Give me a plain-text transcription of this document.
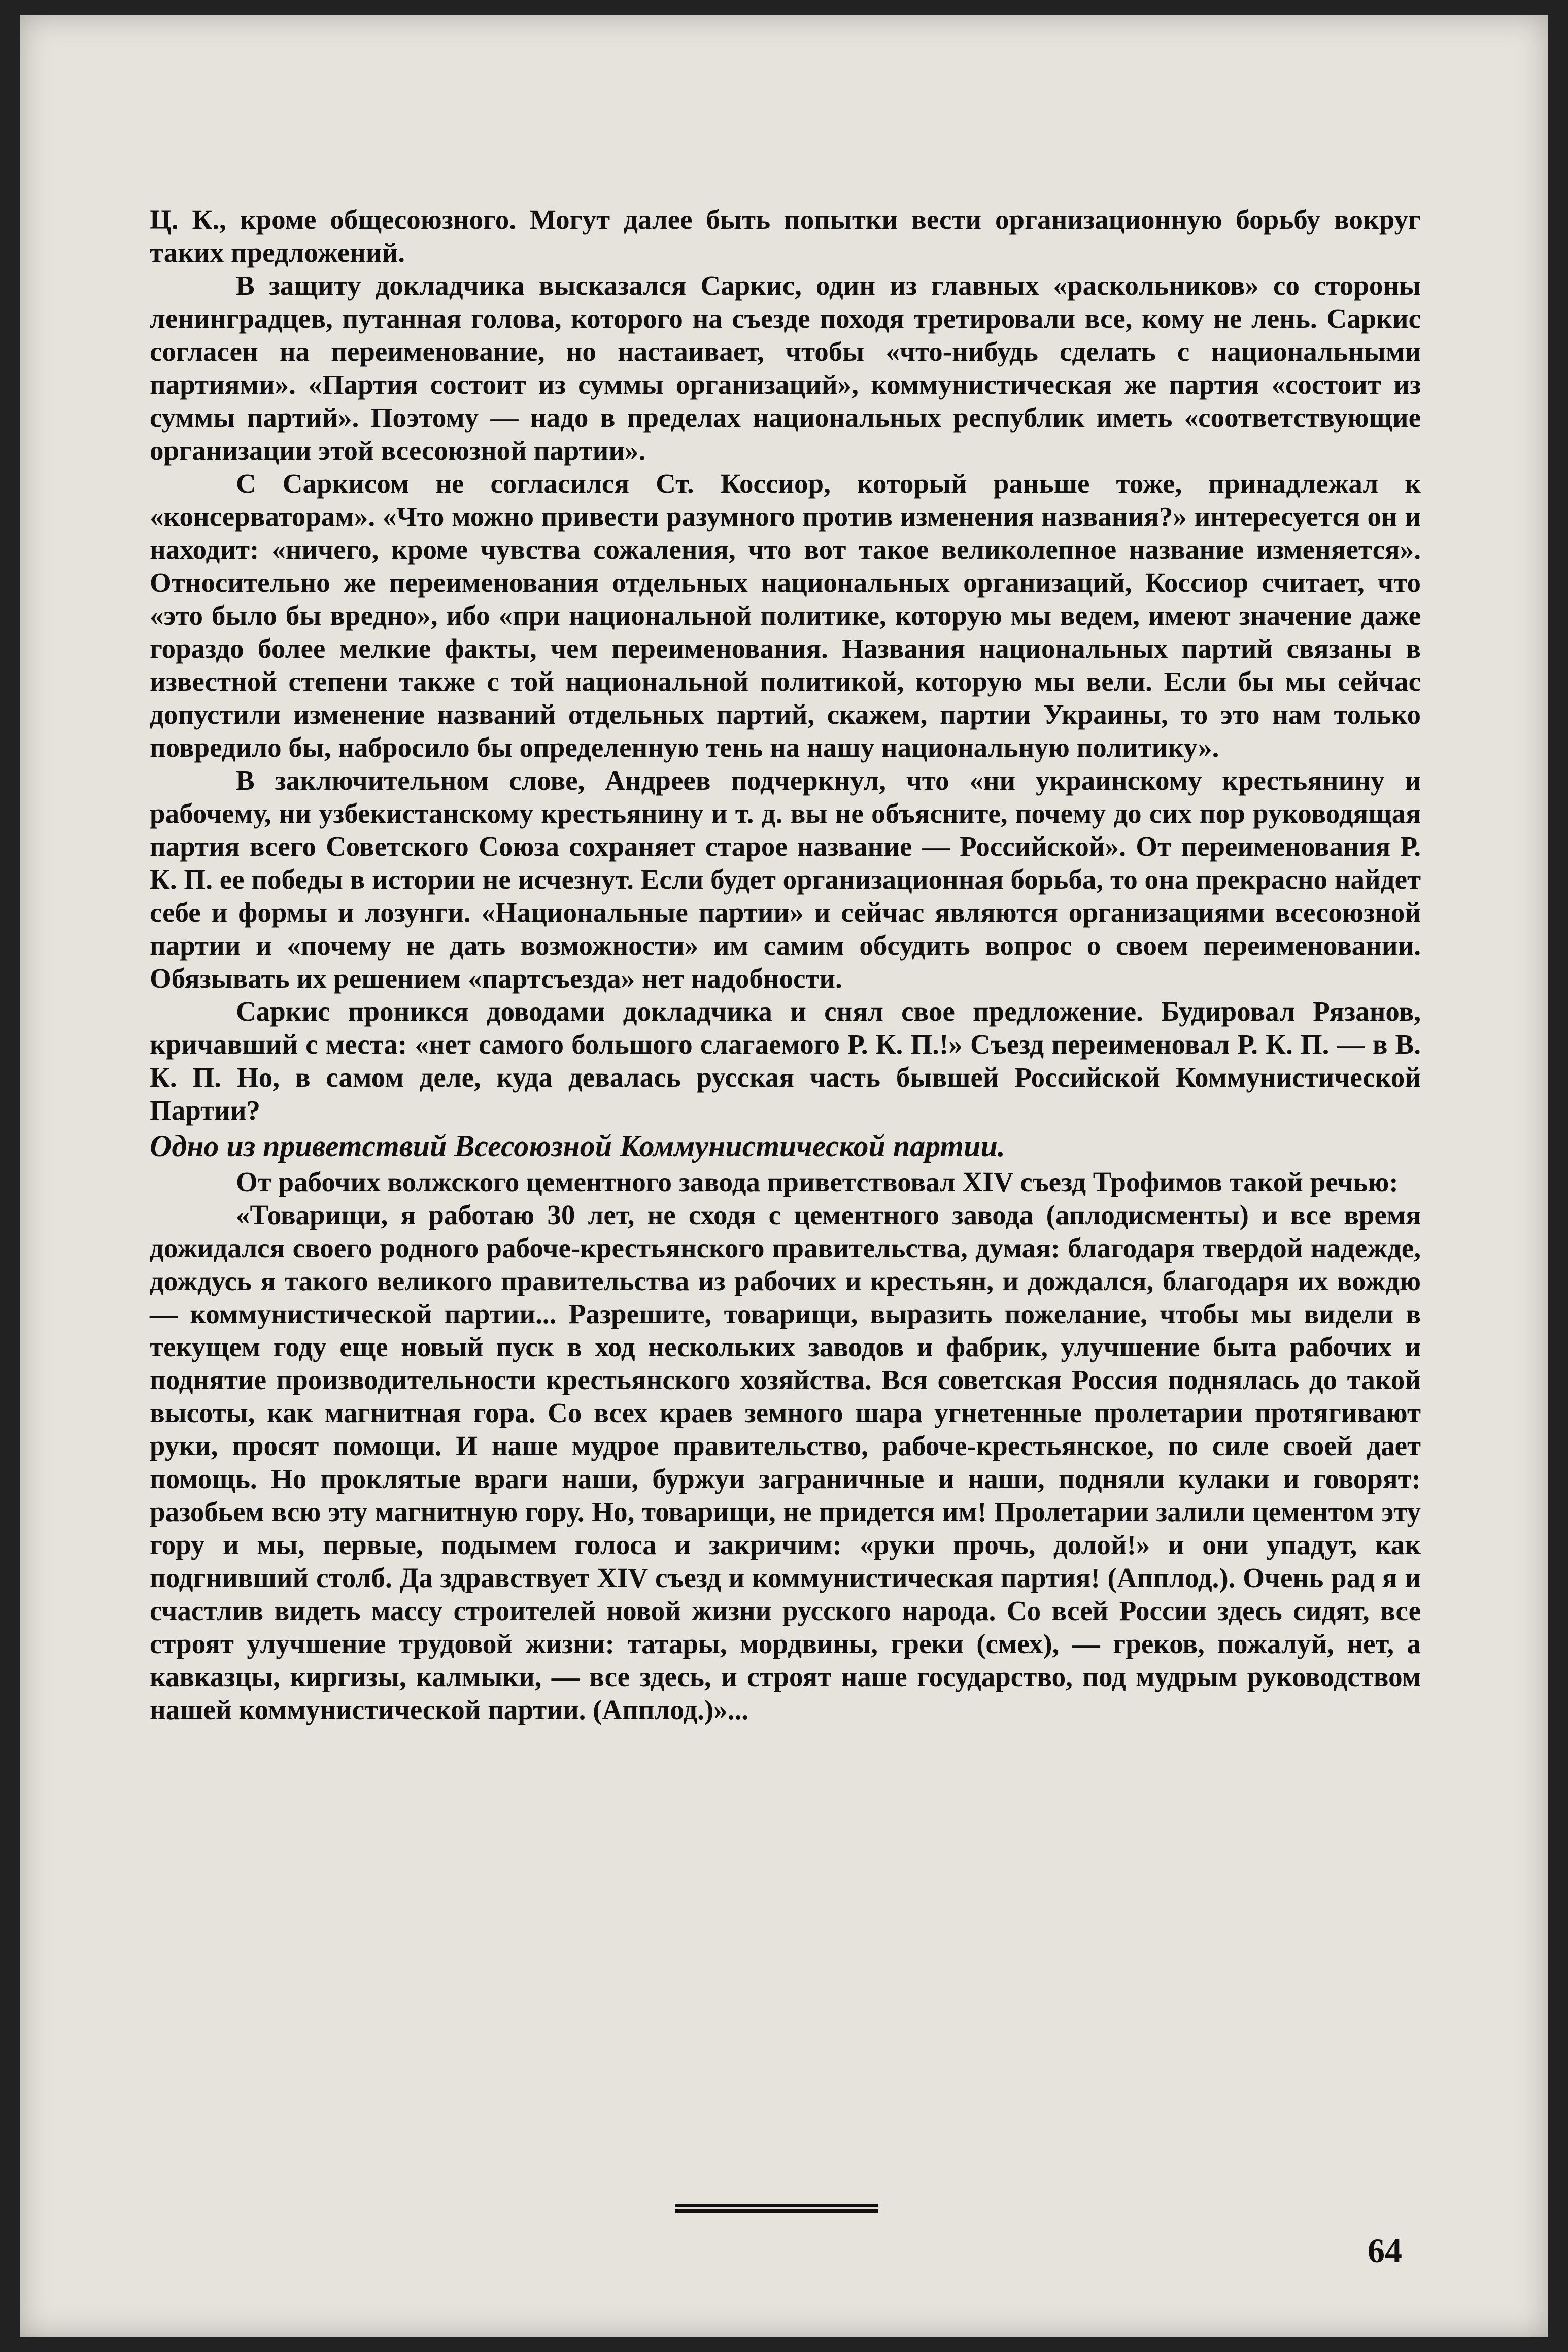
Ц. К., кроме общесоюзного. Могут далее быть попытки вести организационную борьбу вокруг таких предложений.

В защиту докладчика высказался Саркис, один из главных «раскольников» со стороны ленинградцев, путанная голова, которого на съезде походя третировали все, кому не лень. Саркис согласен на переименование, но настаивает, чтобы «что-нибудь сделать с национальными партиями». «Партия состоит из суммы организаций», коммунистическая же партия «состоит из суммы партий». Поэтому — надо в пределах национальных республик иметь «соответствующие организации этой всесоюзной партии».

С Саркисом не согласился Ст. Коссиор, который раньше тоже, принадлежал к «консерваторам». «Что можно привести разумного против изменения названия?» интересуется он и находит: «ничего, кроме чувства сожаления, что вот такое великолепное название изменяется». Относительно же переименования отдельных национальных организаций, Коссиор считает, что «это было бы вредно», ибо «при национальной политике, которую мы ведем, имеют значение даже гораздо более мелкие факты, чем переименования. Названия национальных партий связаны в известной степени также с той национальной политикой, которую мы вели. Если бы мы сейчас допустили изменение названий отдельных партий, скажем, партии Украины, то это нам только повредило бы, набросило бы определенную тень на нашу национальную политику».

В заключительном слове, Андреев подчеркнул, что «ни украинскому крестьянину и рабочему, ни узбекистанскому крестьянину и т. д. вы не объясните, почему до сих пор руководящая партия всего Советского Союза сохраняет старое название — Российской». От переименования Р. К. П. ее победы в истории не исчезнут. Если будет организационная борьба, то она прекрасно найдет себе и формы и лозунги. «Национальные партии» и сейчас являются организациями всесоюзной партии и «почему не дать возможности» им самим обсудить вопрос о своем переименовании. Обязывать их решением «партсъезда» нет надобности.

Саркис проникся доводами докладчика и снял свое предложение. Будировал Рязанов, кричавший с места: «нет самого большого слагаемого Р. К. П.!» Съезд переименовал Р. К. П. — в В. К. П. Но, в самом деле, куда девалась русская часть бывшей Российской Коммунистической Партии?

Одно из приветствий Всесоюзной Коммунистической партии.

От рабочих волжского цементного завода приветствовал XIV съезд Трофимов такой речью:

«Товарищи, я работаю 30 лет, не сходя с цементного завода (аплодисменты) и все время дожидался своего родного рабоче-крестьянского правительства, думая: благодаря твердой надежде, дождусь я такого великого правительства из рабочих и крестьян, и дождался, благодаря их вождю — коммунистической партии... Разрешите, товарищи, выразить пожелание, чтобы мы видели в текущем году еще новый пуск в ход нескольких заводов и фабрик, улучшение быта рабочих и поднятие производительности крестьянского хозяйства. Вся советская Россия поднялась до такой высоты, как магнитная гора. Со всех краев земного шара угнетенные пролетарии протягивают руки, просят помощи. И наше мудрое правительство, рабоче-крестьянское, по силе своей дает помощь. Но проклятые враги наши, буржуи заграничные и наши, подняли кулаки и говорят: разобьем всю эту магнитную гору. Но, товарищи, не придется им! Пролетарии залили цементом эту гору и мы, первые, подымем голоса и закричим: «руки прочь, долой!» и они упадут, как подгнивший столб. Да здравствует XIV съезд и коммунистическая партия! (Апплод.). Очень рад я и счастлив видеть массу строителей новой жизни русского народа. Со всей России здесь сидят, все строят улучшение трудовой жизни: татары, мордвины, греки (смех), — греков, пожалуй, нет, а кавказцы, киргизы, калмыки, — все здесь, и строят наше государство, под мудрым руководством нашей коммунистической партии. (Апплод.)»...

64
